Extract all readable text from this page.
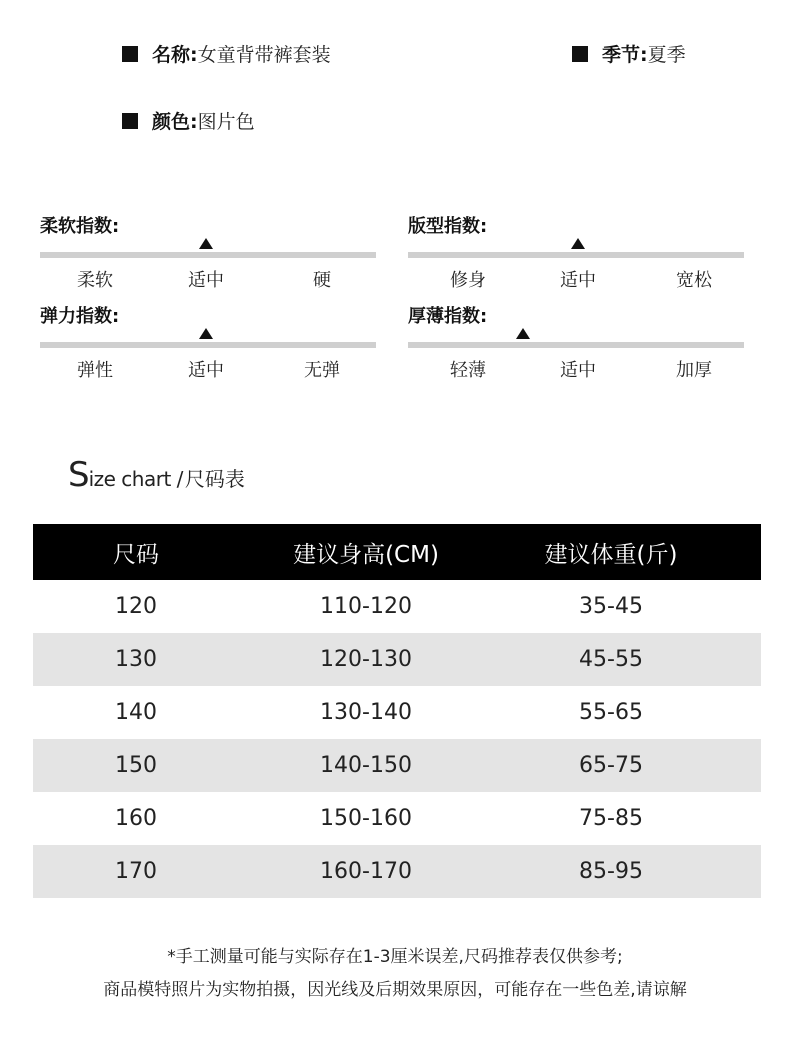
名称: 女童背带裤套装	季节: 夏季
颜色: 图片色
柔软指数:
柔软	适中	硬
版型指数:
修身	适中	宽松
弹力指数:
弹性	适中	无弹
厚薄指数:
轻薄	适中	加厚
S ize chart / 尺码表
尺码	建议身高(CM)	建议体重(斤)
120	110-120	35-45
130	120-130	45-55
140	130-140	55-65
150	140-150	65-75
160	150-160	75-85
170	160-170	85-95
*手工测量可能与实际存在1-3厘米误差,尺码推荐表仅供参考;
商品模特照片为实物拍摄，因光线及后期效果原因，可能存在一些色差,请谅解
